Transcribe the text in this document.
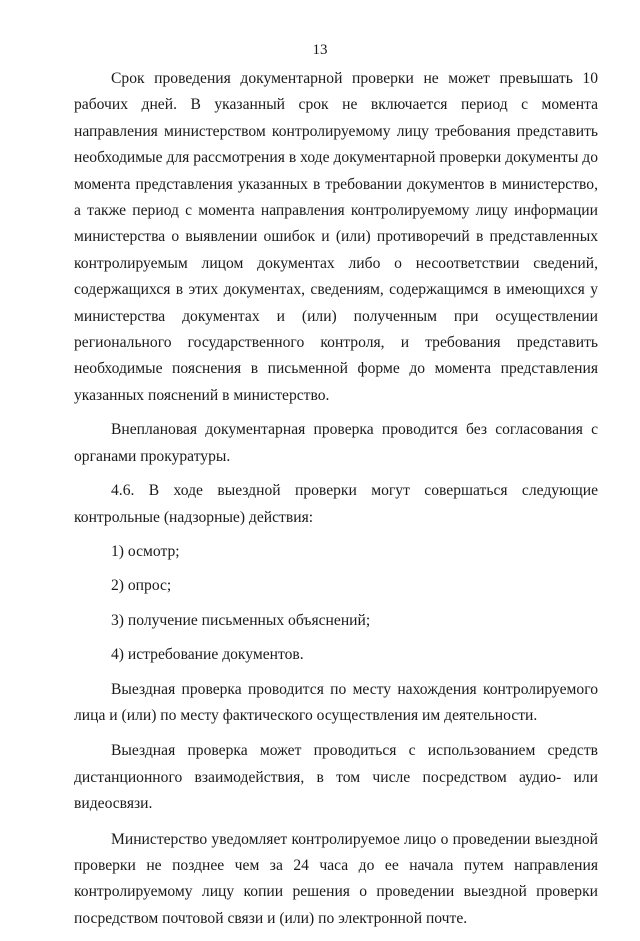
13

Срок проведения документарной проверки не может превышать 10 рабочих дней. В указанный срок не включается период с момента направления министерством контролируемому лицу требования представить необходимые для рассмотрения в ходе документарной проверки документы до момента представления указанных в требовании документов в министерство, а также период с момента направления контролируемому лицу информации министерства о выявлении ошибок и (или) противоречий в представленных контролируемым лицом документах либо о несоответствии сведений, содержащихся в этих документах, сведениям, содержащимся в имеющихся у министерства документах и (или) полученным при осуществлении регионального государственного контроля, и требования представить необходимые пояснения в письменной форме до момента представления указанных пояснений в министерство.

Внеплановая документарная проверка проводится без согласования с органами прокуратуры.

4.6. В ходе выездной проверки могут совершаться следующие контрольные (надзорные) действия:

1) осмотр;
2) опрос;
3) получение письменных объяснений;
4) истребование документов.

Выездная проверка проводится по месту нахождения контролируемого лица и (или) по месту фактического осуществления им деятельности.

Выездная проверка может проводиться с использованием средств дистанционного взаимодействия, в том числе посредством аудио- или видеосвязи.

Министерство уведомляет контролируемое лицо о проведении выездной проверки не позднее чем за 24 часа до ее начала путем направления контролируемому лицу копии решения о проведении выездной проверки посредством почтовой связи и (или) по электронной почте.
